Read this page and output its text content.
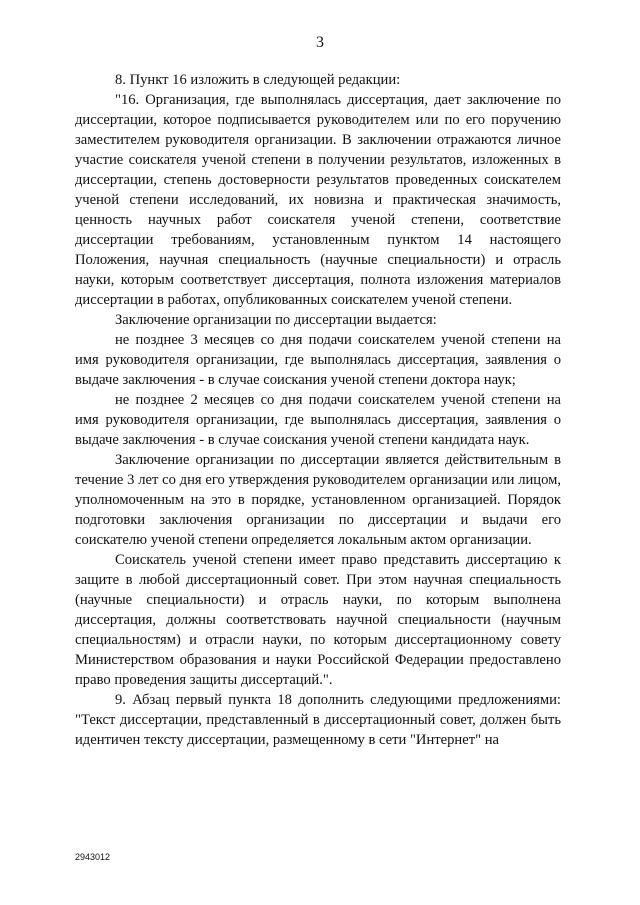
3

8. Пункт 16 изложить в следующей редакции:

"16. Организация, где выполнялась диссертация, дает заключение по диссертации, которое подписывается руководителем или по его поручению заместителем руководителя организации. В заключении отражаются личное участие соискателя ученой степени в получении результатов, изложенных в диссертации, степень достоверности результатов проведенных соискателем ученой степени исследований, их новизна и практическая значимость, ценность научных работ соискателя ученой степени, соответствие диссертации требованиям, установленным пунктом 14 настоящего Положения, научная специальность (научные специальности) и отрасль науки, которым соответствует диссертация, полнота изложения материалов диссертации в работах, опубликованных соискателем ученой степени.

Заключение организации по диссертации выдается:

не позднее 3 месяцев со дня подачи соискателем ученой степени на имя руководителя организации, где выполнялась диссертация, заявления о выдаче заключения - в случае соискания ученой степени доктора наук;

не позднее 2 месяцев со дня подачи соискателем ученой степени на имя руководителя организации, где выполнялась диссертация, заявления о выдаче заключения - в случае соискания ученой степени кандидата наук.

Заключение организации по диссертации является действительным в течение 3 лет со дня его утверждения руководителем организации или лицом, уполномоченным на это в порядке, установленном организацией. Порядок подготовки заключения организации по диссертации и выдачи его соискателю ученой степени определяется локальным актом организации.

Соискатель ученой степени имеет право представить диссертацию к защите в любой диссертационный совет. При этом научная специальность (научные специальности) и отрасль науки, по которым выполнена диссертация, должны соответствовать научной специальности (научным специальностям) и отрасли науки, по которым диссертационному совету Министерством образования и науки Российской Федерации предоставлено право проведения защиты диссертаций.".

9. Абзац первый пункта 18 дополнить следующими предложениями: "Текст диссертации, представленный в диссертационный совет, должен быть идентичен тексту диссертации, размещенному в сети "Интернет" на

2943012
